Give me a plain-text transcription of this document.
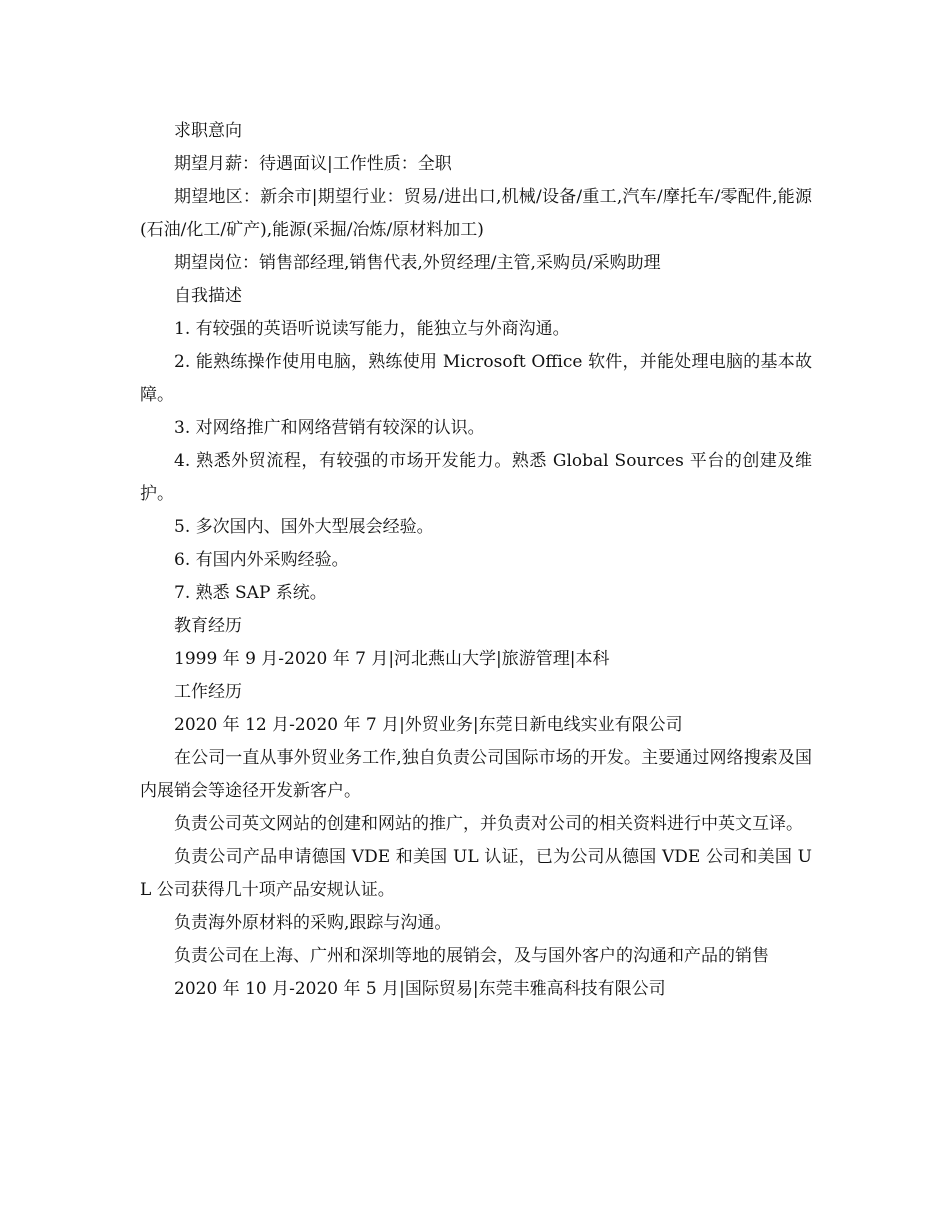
求职意向

期望月薪：待遇面议|工作性质：全职

期望地区：新余市|期望行业：贸易/进出口,机械/设备/重工,汽车/摩托车/零配件,能源(石油/化工/矿产),能源(采掘/冶炼/原材料加工)

期望岗位：销售部经理,销售代表,外贸经理/主管,采购员/采购助理

自我描述

1. 有较强的英语听说读写能力，能独立与外商沟通。

2. 能熟练操作使用电脑，熟练使用 Microsoft Office 软件，并能处理电脑的基本故障。

3. 对网络推广和网络营销有较深的认识。

4. 熟悉外贸流程，有较强的市场开发能力。熟悉 Global Sources 平台的创建及维护。

5. 多次国内、国外大型展会经验。

6. 有国内外采购经验。

7. 熟悉 SAP 系统。

教育经历

1999 年 9 月-2020 年 7 月|河北燕山大学|旅游管理|本科

工作经历

2020 年 12 月-2020 年 7 月|外贸业务|东莞日新电线实业有限公司

在公司一直从事外贸业务工作,独自负责公司国际市场的开发。主要通过网络搜索及国内展销会等途径开发新客户。

负责公司英文网站的创建和网站的推广，并负责对公司的相关资料进行中英文互译。

负责公司产品申请德国 VDE 和美国 UL 认证，已为公司从德国 VDE 公司和美国 UL 公司获得几十项产品安规认证。

负责海外原材料的采购,跟踪与沟通。

负责公司在上海、广州和深圳等地的展销会，及与国外客户的沟通和产品的销售

2020 年 10 月-2020 年 5 月|国际贸易|东莞丰雅高科技有限公司
